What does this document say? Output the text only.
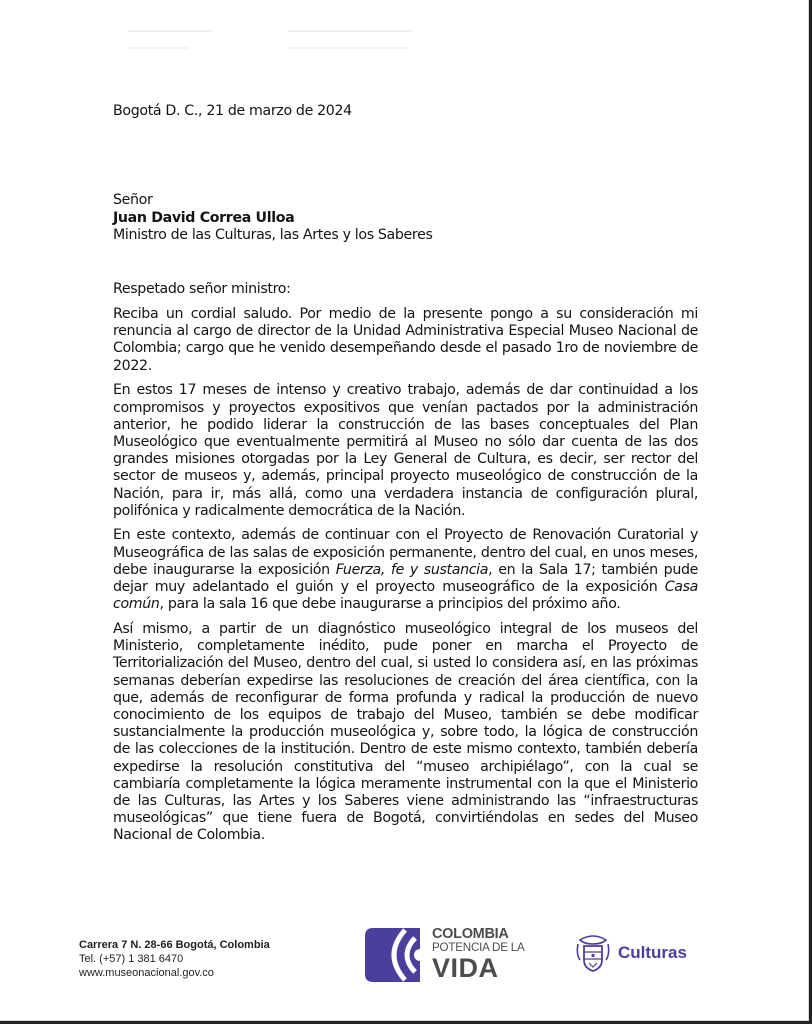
Bogotá D. C., 21 de marzo de 2024
Señor
Juan David Correa Ulloa
Ministro de las Culturas, las Artes y los Saberes
Respetado señor ministro:

Reciba un cordial saludo. Por medio de la presente pongo a su consideración mi renuncia al cargo de director de la Unidad Administrativa Especial Museo Nacional de Colombia; cargo que he venido desempeñando desde el pasado 1ro de noviembre de 2022.

En estos 17 meses de intenso y creativo trabajo, además de dar continuidad a los compromisos y proyectos expositivos que venían pactados por la administración anterior, he podido liderar la construcción de las bases conceptuales del Plan Museológico que eventualmente permitirá al Museo no sólo dar cuenta de las dos grandes misiones otorgadas por la Ley General de Cultura, es decir, ser rector del sector de museos y, además, principal proyecto museológico de construcción de la Nación, para ir, más allá, como una verdadera instancia de configuración plural, polifónica y radicalmente democrática de la Nación.

En este contexto, además de continuar con el Proyecto de Renovación Curatorial y Museográfica de las salas de exposición permanente, dentro del cual, en unos meses, debe inaugurarse la exposición Fuerza, fe y sustancia, en la Sala 17; también pude dejar muy adelantado el guión y el proyecto museográfico de la exposición Casa común, para la sala 16 que debe inaugurarse a principios del próximo año.

Así mismo, a partir de un diagnóstico museológico integral de los museos del Ministerio, completamente inédito, pude poner en marcha el Proyecto de Territorialización del Museo, dentro del cual, si usted lo considera así, en las próximas semanas deberían expedirse las resoluciones de creación del área científica, con la que, además de reconfigurar de forma profunda y radical la producción de nuevo conocimiento de los equipos de trabajo del Museo, también se debe modificar sustancialmente la producción museológica y, sobre todo, la lógica de construcción de las colecciones de la institución. Dentro de este mismo contexto, también debería expedirse la resolución constitutiva del “museo archipiélago”, con la cual se cambiaría completamente la lógica meramente instrumental con la que el Ministerio de las Culturas, las Artes y los Saberes viene administrando las “infraestructuras museológicas” que tiene fuera de Bogotá, convirtiéndolas en sedes del Museo Nacional de Colombia.

Carrera 7 N. 28-66 Bogotá, Colombia
Tel. (+57) 1 381 6470
www.museonacional.gov.co
COLOMBIA
POTENCIA DE LA
VIDA
Culturas
